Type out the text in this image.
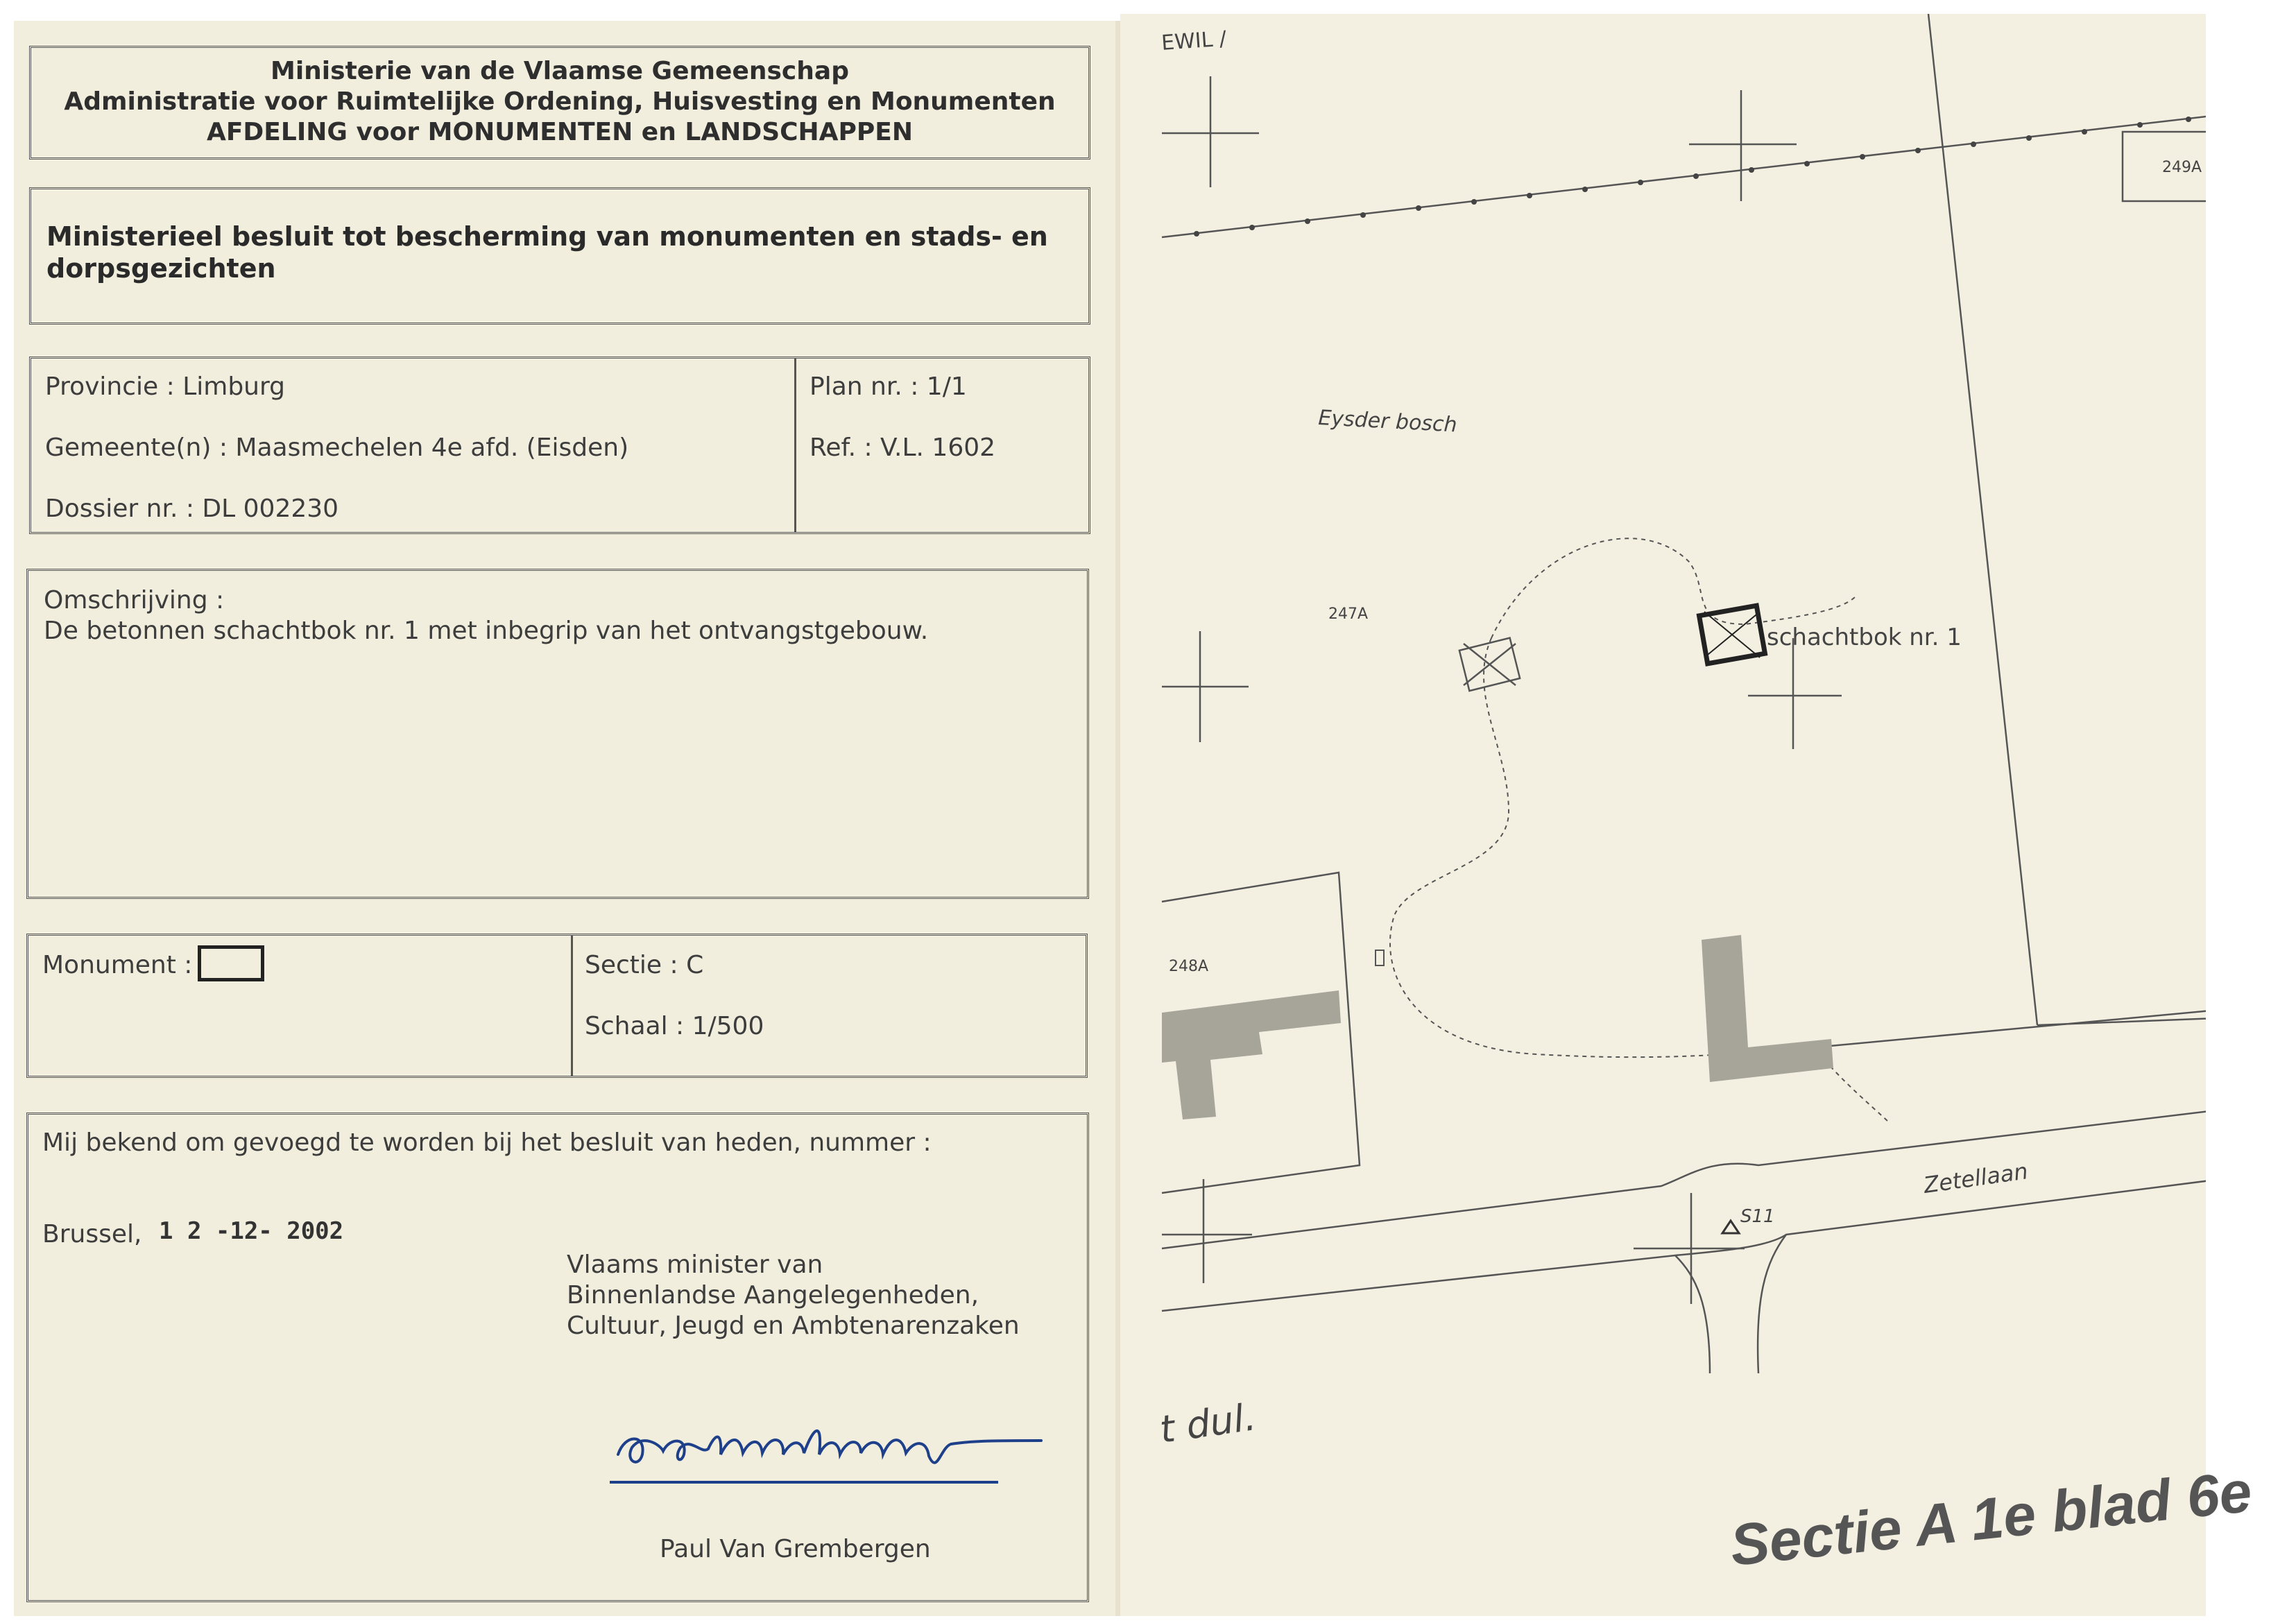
Ministerie van de Vlaamse Gemeenschap
Administratie voor Ruimtelijke Ordening, Huisvesting en Monumenten
AFDELING voor MONUMENTEN en LANDSCHAPPEN
Ministerieel besluit tot bescherming van monumenten en stads- en
dorpsgezichten
Provincie : Limburg
Gemeente(n) : Maasmechelen 4e afd. (Eisden)
Dossier nr. : DL 002230
Plan nr. : 1/1
Ref. : V.L. 1602
Omschrijving :
De betonnen schachtbok nr. 1 met inbegrip van het ontvangstgebouw.
Monument :	Sectie : C
Schaal : 1/500
Mij bekend om gevoegd te worden bij het besluit van heden, nummer :
Brussel, 1 2 -12- 2002
Vlaams minister van
Binnenlandse Aangelegenheden,
Cultuur, Jeugd en Ambtenarenzaken
Paul Van Grembergen
EWIL /
Eysder bosch
247A
248A
249A
schachtbok nr. 1
Zetellaan
S11
t dul.
Sectie A 1e blad 6e
